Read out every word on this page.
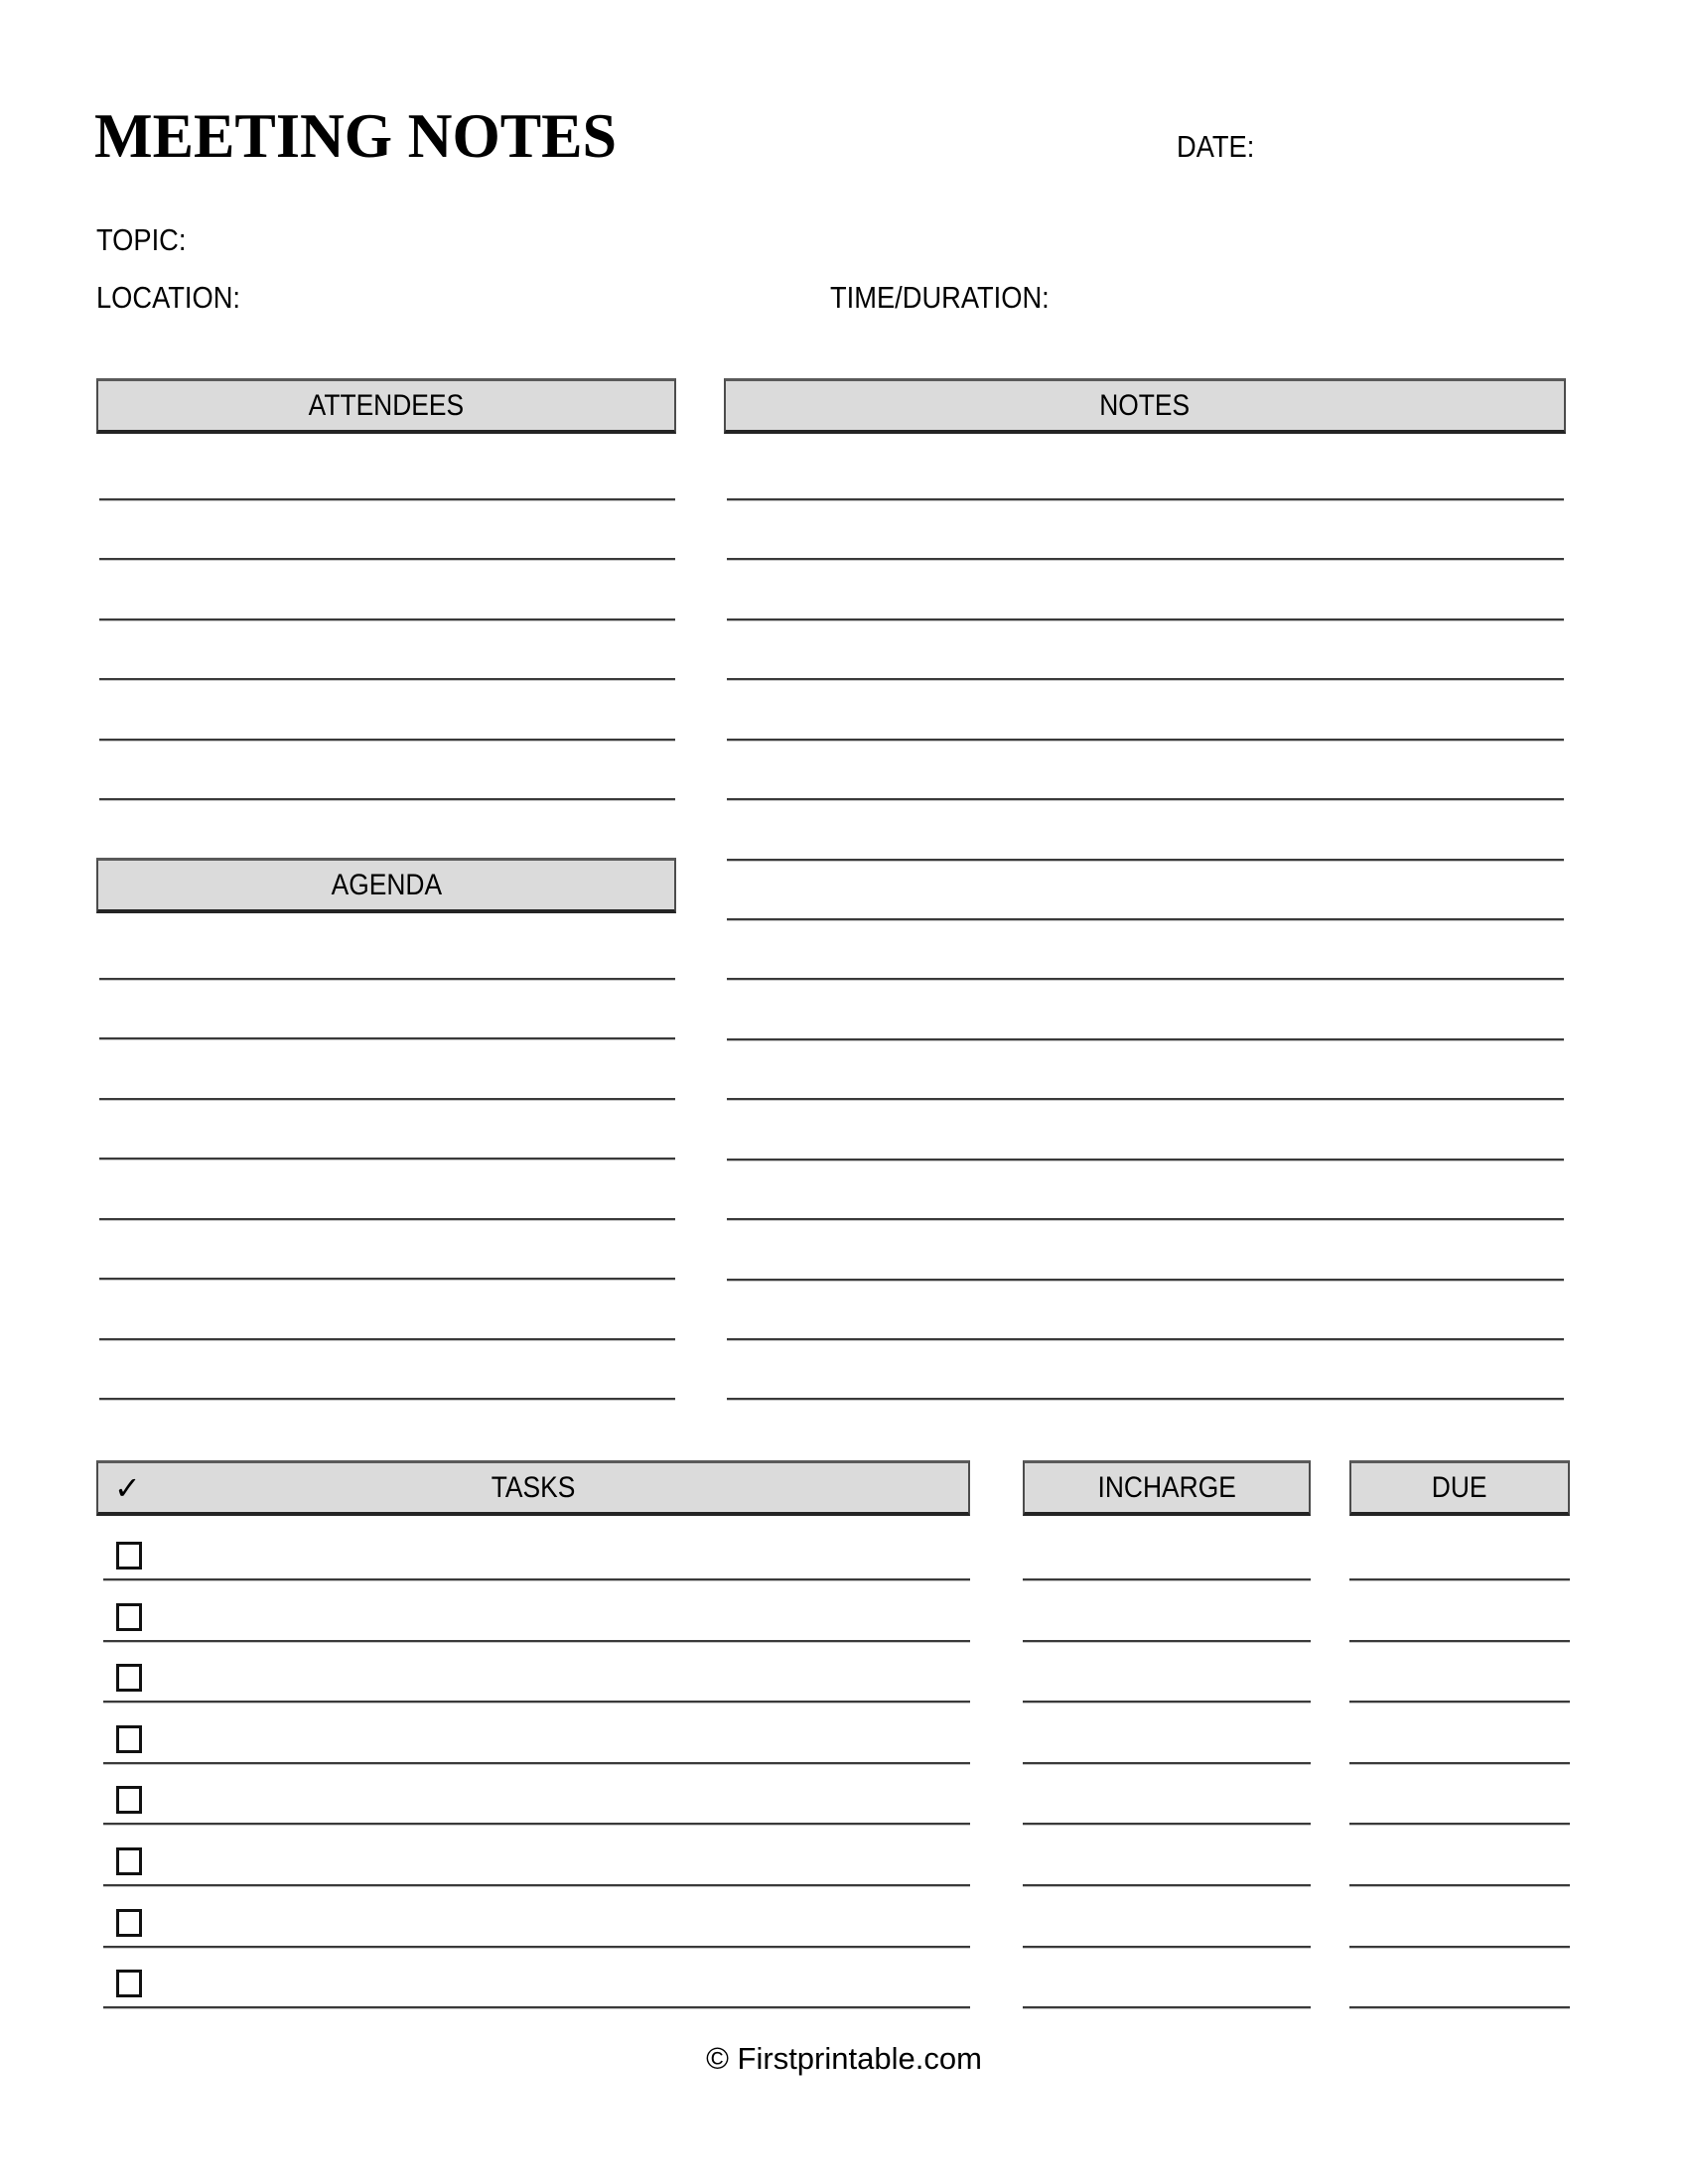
MEETING NOTES	DATE:
TOPIC:
LOCATION:	TIME/DURATION:
ATTENDEES	NOTES
AGENDA
✓	TASKS	INCHARGE	DUE
© Firstprintable.com
